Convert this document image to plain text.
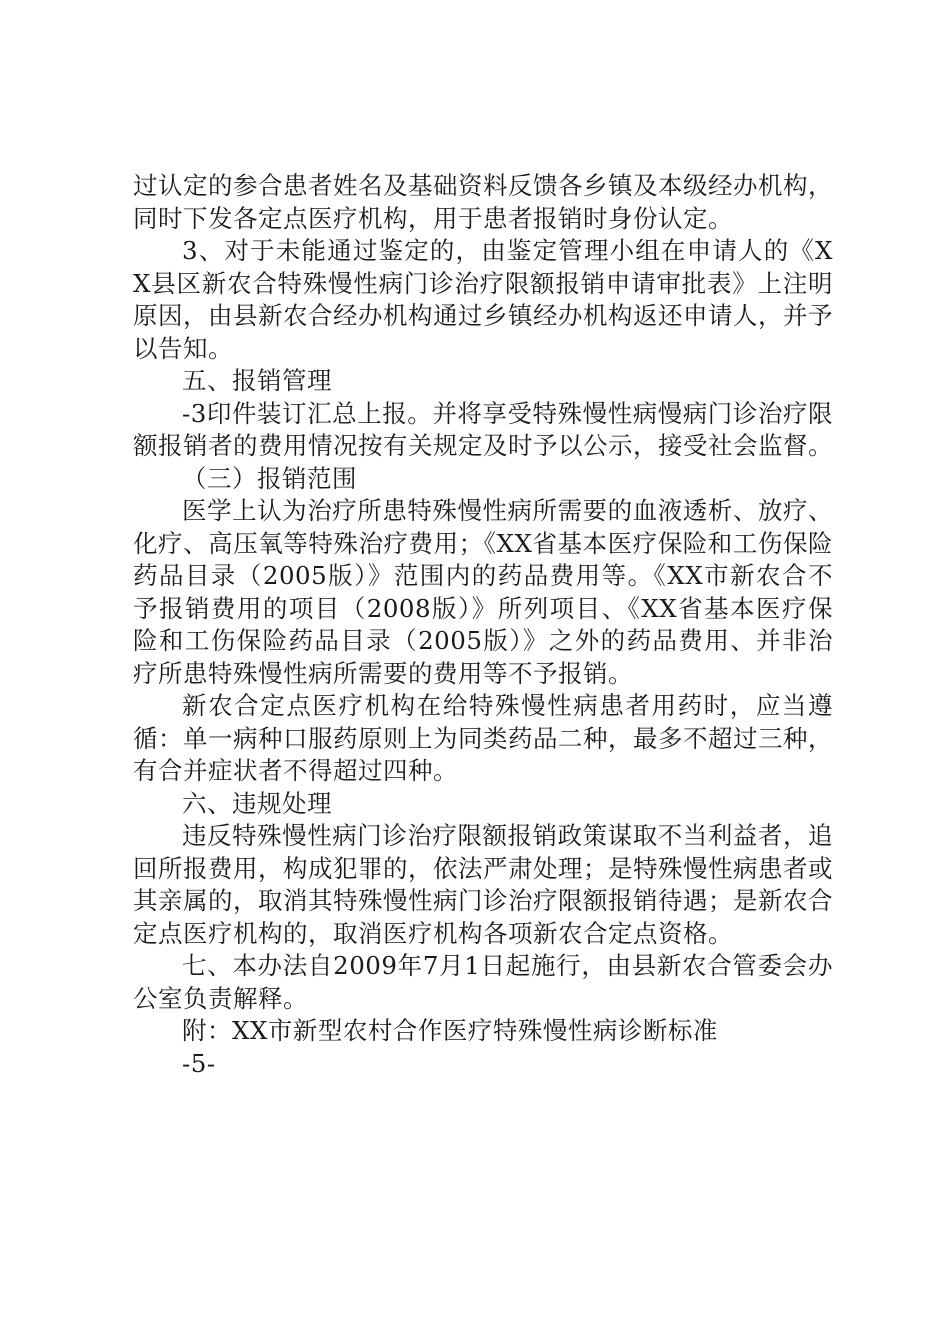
过认定的参合患者姓名及基础资料反馈各乡镇及本级经办机构，同时下发各定点医疗机构，用于患者报销时身份认定。

3、对于未能通过鉴定的，由鉴定管理小组在申请人的《XX县区新农合特殊慢性病门诊治疗限额报销申请审批表》上注明原因，由县新农合经办机构通过乡镇经办机构返还申请人，并予以告知。

五、报销管理

-3印件装订汇总上报。并将享受特殊慢性病慢病门诊治疗限额报销者的费用情况按有关规定及时予以公示，接受社会监督。

（三）报销范围

医学上认为治疗所患特殊慢性病所需要的血液透析、放疗、化疗、高压氧等特殊治疗费用；《XX省基本医疗保险和工伤保险药品目录（2005版）》范围内的药品费用等。《XX市新农合不予报销费用的项目（2008版）》所列项目、《XX省基本医疗保险和工伤保险药品目录（2005版）》之外的药品费用、并非治疗所患特殊慢性病所需要的费用等不予报销。

新农合定点医疗机构在给特殊慢性病患者用药时，应当遵循：单一病种口服药原则上为同类药品二种，最多不超过三种，有合并症状者不得超过四种。

六、违规处理

违反特殊慢性病门诊治疗限额报销政策谋取不当利益者，追回所报费用，构成犯罪的，依法严肃处理；是特殊慢性病患者或其亲属的，取消其特殊慢性病门诊治疗限额报销待遇；是新农合定点医疗机构的，取消医疗机构各项新农合定点资格。

七、本办法自2009年7月1日起施行，由县新农合管委会办公室负责解释。

附：XX市新型农村合作医疗特殊慢性病诊断标准

-5-
